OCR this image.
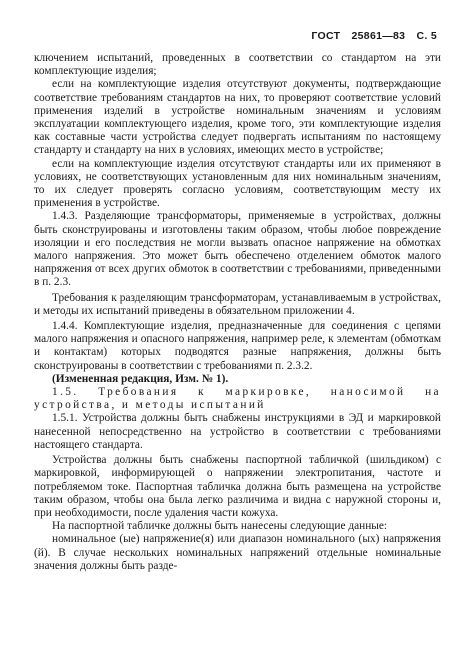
ГОСТ 25861—83 С. 5

ключением испытаний, проведенных в соответствии со стандартом на эти комплектующие изделия;

если на комплектующие изделия отсутствуют документы, подтверждающие соответствие требованиям стандартов на них, то проверяют соответствие условий применения изделий в устройстве номинальным значениям и условиям эксплуатации комплектующего изделия, кроме того, эти комплектующие изделия как составные части устройства следует подвергать испытаниям по настоящему стандарту и стандарту на них в условиях, имеющих место в устройстве;

если на комплектующие изделия отсутствуют стандарты или их применяют в условиях, не соответствующих установленным для них номинальным значениям, то их следует проверять согласно условиям, соответствующим месту их применения в устройстве.

1.4.3. Разделяющие трансформаторы, применяемые в устройствах, должны быть сконструированы и изготовлены таким образом, чтобы любое повреждение изоляции и его последствия не могли вызвать опасное напряжение на обмотках малого напряжения. Это может быть обеспечено отделением обмоток малого напряжения от всех других обмоток в соответствии с требованиями, приведенными в п. 2.3.

Требования к разделяющим трансформаторам, устанавливаемым в устройствах, и методы их испытаний приведены в обязательном приложении 4.

1.4.4. Комплектующие изделия, предназначенные для соединения с цепями малого напряжения и опасного напряжения, например реле, к элементам (обмоткам и контактам) которых подводятся разные напряжения, должны быть сконструированы в соответствии с требованиями п. 2.3.2.

(Измененная редакция, Изм. № 1).

1.5. Требования к маркировке, наносимой на устройства, и методы испытаний

1.5.1. Устройства должны быть снабжены инструкциями в ЭД и маркировкой нанесенной непосредственно на устройство в соответствии с требованиями настоящего стандарта.

Устройства должны быть снабжены паспортной табличкой (шильдиком) с маркировкой, информирующей о напряжении электропитания, частоте и потребляемом токе. Паспортная табличка должна быть размещена на устройстве таким образом, чтобы она была легко различима и видна с наружной стороны и, при необходимости, после удаления части кожуха.

На паспортной табличке должны быть нанесены следующие данные:

номинальное (ые) напряжение(я) или диапазон номинального (ых) напряжения (й). В случае нескольких номинальных напряжений отдельные номинальные значения должны быть разде-
